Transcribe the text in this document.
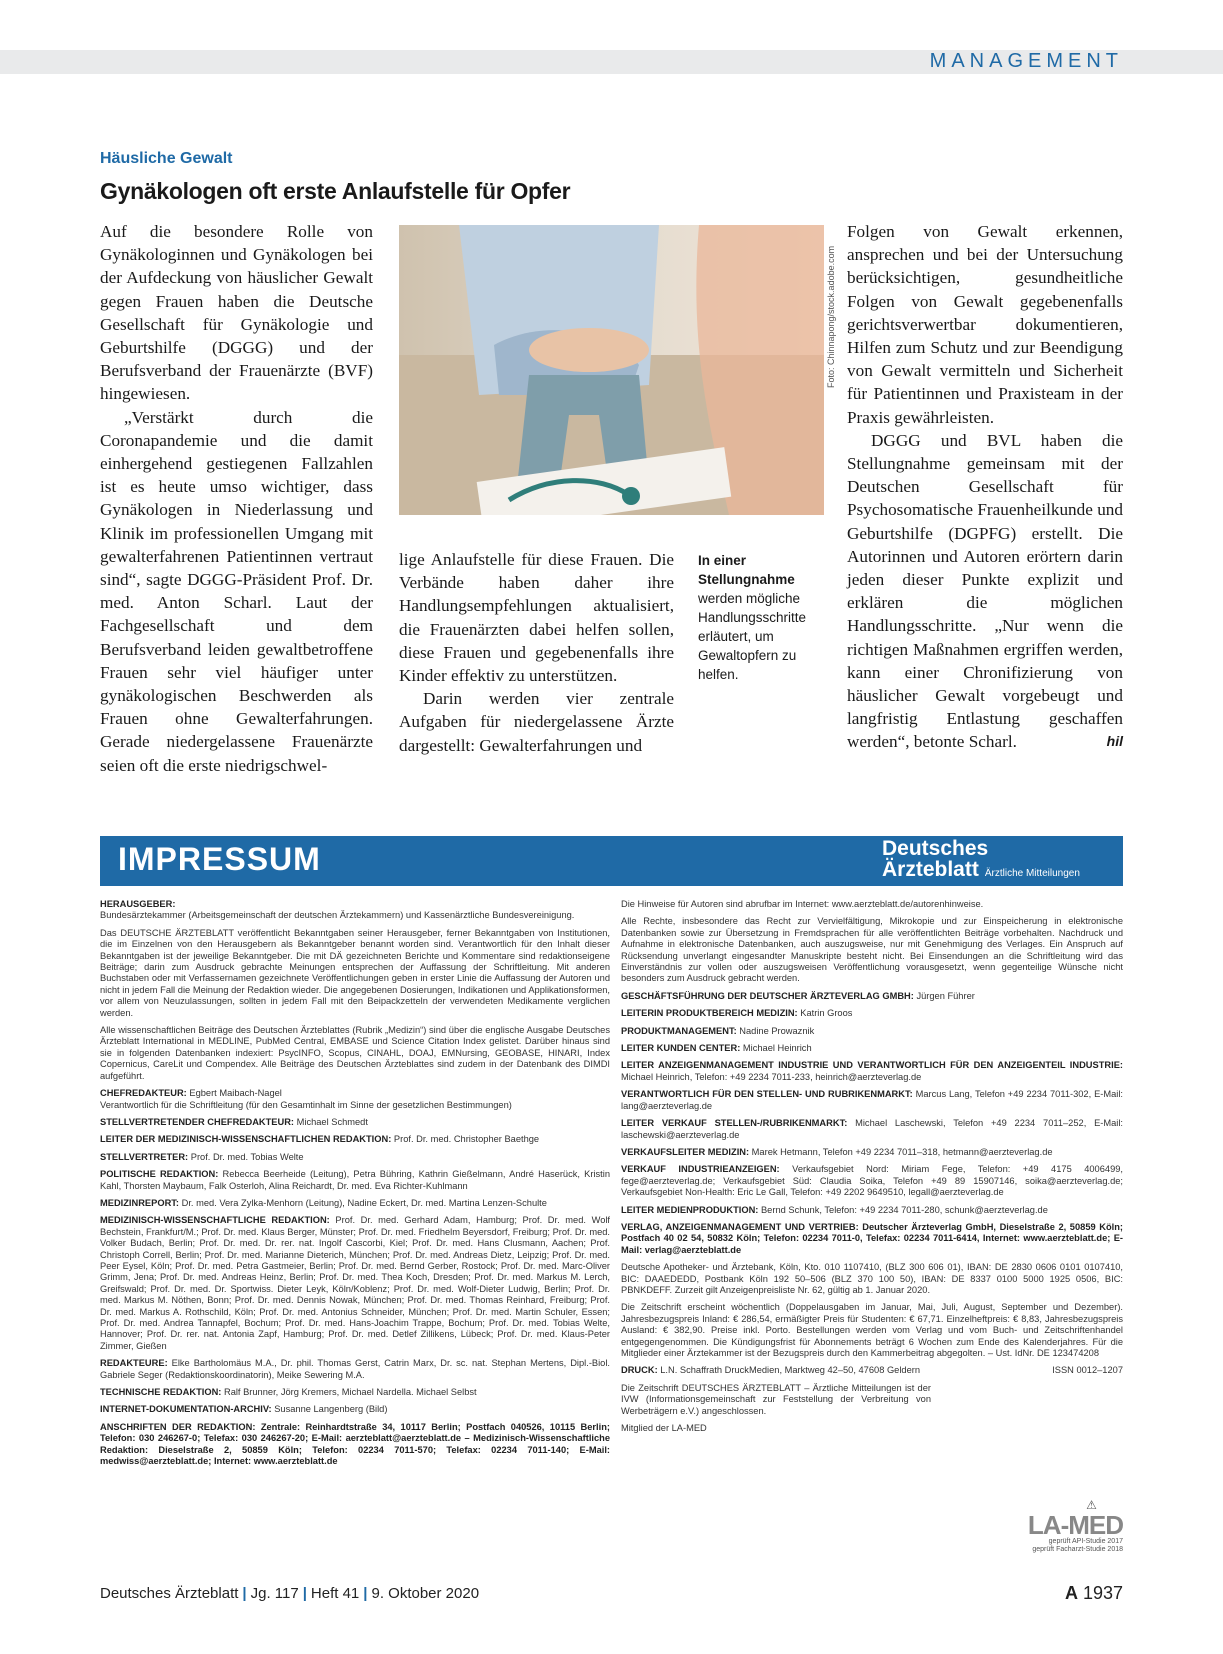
MANAGEMENT
Häusliche Gewalt
Gynäkologen oft erste Anlaufstelle für Opfer

Auf die besondere Rolle von Gynäkologinnen und Gynäkologen bei der Aufdeckung von häuslicher Gewalt gegen Frauen haben die Deutsche Gesellschaft für Gynäkologie und Geburtshilfe (DGGG) und der Berufsverband der Frauenärzte (BVF) hingewiesen.

„Verstärkt durch die Coronapandemie und die damit einhergehend gestiegenen Fallzahlen ist es heute umso wichtiger, dass Gynäkologen in Niederlassung und Klinik im professionellen Umgang mit gewalterfahrenen Patientinnen vertraut sind“, sagte DGGG-Präsident Prof. Dr. med. Anton Scharl. Laut der Fachgesellschaft und dem Berufsverband leiden gewaltbetroffene Frauen sehr viel häufiger unter gynäkologischen Beschwerden als Frauen ohne Gewalterfahrungen. Gerade niedergelassene Frauenärzte seien oft die erste niedrigschwel-

Foto: Chinnapong/stock.adobe.com

lige Anlaufstelle für diese Frauen. Die Verbände haben daher ihre Handlungsempfehlungen aktualisiert, die Frauenärzten dabei helfen sollen, diese Frauen und gegebenenfalls ihre Kinder effektiv zu unterstützen.

Darin werden vier zentrale Aufgaben für niedergelassene Ärzte dargestellt: Gewalterfahrungen und

In einer Stellungnahme werden mögliche Handlungsschritte erläutert, um Gewaltopfern zu helfen.

Folgen von Gewalt erkennen, ansprechen und bei der Untersuchung berücksichtigen, gesundheitliche Folgen von Gewalt gegebenenfalls gerichtsverwertbar dokumentieren, Hilfen zum Schutz und zur Beendigung von Gewalt vermitteln und Sicherheit für Patientinnen und Praxisteam in der Praxis gewährleisten.

DGGG und BVL haben die Stellungnahme gemeinsam mit der Deutschen Gesellschaft für Psychosomatische Frauenheilkunde und Geburtshilfe (DGPFG) erstellt. Die Autorinnen und Autoren erörtern darin jeden dieser Punkte explizit und erklären die möglichen Handlungsschritte. „Nur wenn die richtigen Maßnahmen ergriffen werden, kann einer Chronifizierung von häuslicher Gewalt vorgebeugt und langfristig Entlastung geschaffen werden“, betonte Scharl.	hil

IMPRESSUM	Deutsches
Ärzteblatt Ärztliche Mitteilungen

HERAUSGEBER:
Bundesärztekammer (Arbeitsgemeinschaft der deutschen Ärztekammern) und Kassenärztliche Bundesvereinigung.

Das DEUTSCHE ÄRZTEBLATT veröffentlicht Bekanntgaben seiner Herausgeber, ferner Bekanntgaben von Institutionen, die im Einzelnen von den Herausgebern als Bekanntgeber benannt worden sind. Verantwortlich für den Inhalt dieser Bekanntgaben ist der jeweilige Bekanntgeber. Die mit DÄ gezeichneten Berichte und Kommentare sind redaktionseigene Beiträge; darin zum Ausdruck gebrachte Meinungen entsprechen der Auffassung der Schriftleitung. Mit anderen Buchstaben oder mit Verfassernamen gezeichnete Veröffentlichungen geben in erster Linie die Auffassung der Autoren und nicht in jedem Fall die Meinung der Redaktion wieder. Die angegebenen Dosierungen, Indikationen und Applikationsformen, vor allem von Neuzulassungen, sollten in jedem Fall mit den Beipackzetteln der verwendeten Medikamente verglichen werden.

Alle wissenschaftlichen Beiträge des Deutschen Ärzteblattes (Rubrik „Medizin“) sind über die englische Ausgabe Deutsches Ärzteblatt International in MEDLINE, PubMed Central, EMBASE und Science Citation Index gelistet. Darüber hinaus sind sie in folgenden Datenbanken indexiert: PsycINFO, Scopus, CINAHL, DOAJ, EMNursing, GEOBASE, HINARI, Index Copernicus, CareLit und Compendex. Alle Beiträge des Deutschen Ärzteblattes sind zudem in der Datenbank des DIMDI aufgeführt.

CHEFREDAKTEUR: Egbert Maibach-Nagel
Verantwortlich für die Schriftleitung (für den Gesamtinhalt im Sinne der gesetzlichen Bestimmungen)

STELLVERTRETENDER CHEFREDAKTEUR: Michael Schmedt

LEITER DER MEDIZINISCH-WISSENSCHAFTLICHEN REDAKTION: Prof. Dr. med. Christopher Baethge

STELLVERTRETER: Prof. Dr. med. Tobias Welte

POLITISCHE REDAKTION: Rebecca Beerheide (Leitung), Petra Bühring, Kathrin Gießelmann, André Haserück, Kristin Kahl, Thorsten Maybaum, Falk Osterloh, Alina Reichardt, Dr. med. Eva Richter-Kuhlmann

MEDIZINREPORT: Dr. med. Vera Zylka-Menhorn (Leitung), Nadine Eckert, Dr. med. Martina Lenzen-Schulte

MEDIZINISCH-WISSENSCHAFTLICHE REDAKTION: Prof. Dr. med. Gerhard Adam, Hamburg; Prof. Dr. med. Wolf Bechstein, Frankfurt/M.; Prof. Dr. med. Klaus Berger, Münster; Prof. Dr. med. Friedhelm Beyersdorf, Freiburg; Prof. Dr. med. Volker Budach, Berlin; Prof. Dr. med. Dr. rer. nat. Ingolf Cascorbi, Kiel; Prof. Dr. med. Hans Clusmann, Aachen; Prof. Christoph Correll, Berlin; Prof. Dr. med. Marianne Dieterich, München; Prof. Dr. med. Andreas Dietz, Leipzig; Prof. Dr. med. Peer Eysel, Köln; Prof. Dr. med. Petra Gastmeier, Berlin; Prof. Dr. med. Bernd Gerber, Rostock; Prof. Dr. med. Marc-Oliver Grimm, Jena; Prof. Dr. med. Andreas Heinz, Berlin; Prof. Dr. med. Thea Koch, Dresden; Prof. Dr. med. Markus M. Lerch, Greifswald; Prof. Dr. med. Dr. Sportwiss. Dieter Leyk, Köln/Koblenz; Prof. Dr. med. Wolf-Dieter Ludwig, Berlin; Prof. Dr. med. Markus M. Nöthen, Bonn; Prof. Dr. med. Dennis Nowak, München; Prof. Dr. med. Thomas Reinhard, Freiburg; Prof. Dr. med. Markus A. Rothschild, Köln; Prof. Dr. med. Antonius Schneider, München; Prof. Dr. med. Martin Schuler, Essen; Prof. Dr. med. Andrea Tannapfel, Bochum; Prof. Dr. med. Hans-Joachim Trappe, Bochum; Prof. Dr. med. Tobias Welte, Hannover; Prof. Dr. rer. nat. Antonia Zapf, Hamburg; Prof. Dr. med. Detlef Zillikens, Lübeck; Prof. Dr. med. Klaus-Peter Zimmer, Gießen

REDAKTEURE: Elke Bartholomäus M.A., Dr. phil. Thomas Gerst, Catrin Marx, Dr. sc. nat. Stephan Mertens, Dipl.-Biol. Gabriele Seger (Redaktionskoordinatorin), Meike Sewering M.A.

TECHNISCHE REDAKTION: Ralf Brunner, Jörg Kremers, Michael Nardella. Michael Selbst

INTERNET-DOKUMENTATION-ARCHIV: Susanne Langenberg (Bild)

ANSCHRIFTEN DER REDAKTION: Zentrale: Reinhardtstraße 34, 10117 Berlin; Postfach 040526, 10115 Berlin; Telefon: 030 246267-0; Telefax: 030 246267-20; E-Mail: aerzteblatt@aerzteblatt.de – Medizinisch-Wissenschaftliche Redaktion: Dieselstraße 2, 50859 Köln; Telefon: 02234 7011-570; Telefax: 02234 7011-140; E-Mail: medwiss@aerzteblatt.de; Internet: www.aerzteblatt.de

Die Hinweise für Autoren sind abrufbar im Internet: www.aerzteblatt.de/autorenhinweise.

Alle Rechte, insbesondere das Recht zur Vervielfältigung, Mikrokopie und zur Einspeicherung in elektronische Datenbanken sowie zur Übersetzung in Fremdsprachen für alle veröffentlichten Beiträge vorbehalten. Nachdruck und Aufnahme in elektronische Datenbanken, auch auszugsweise, nur mit Genehmigung des Verlages. Ein Anspruch auf Rücksendung unverlangt eingesandter Manuskripte besteht nicht. Bei Einsendungen an die Schriftleitung wird das Einverständnis zur vollen oder auszugsweisen Veröffentlichung vorausgesetzt, wenn gegenteilige Wünsche nicht besonders zum Ausdruck gebracht werden.

GESCHÄFTSFÜHRUNG DER DEUTSCHER ÄRZTEVERLAG GMBH: Jürgen Führer

LEITERIN PRODUKTBEREICH MEDIZIN: Katrin Groos

PRODUKTMANAGEMENT: Nadine Prowaznik

LEITER KUNDEN CENTER: Michael Heinrich

LEITER ANZEIGENMANAGEMENT INDUSTRIE UND VERANTWORTLICH FÜR DEN ANZEIGENTEIL INDUSTRIE: Michael Heinrich, Telefon: +49 2234 7011-233, heinrich@aerzteverlag.de

VERANTWORTLICH FÜR DEN STELLEN- UND RUBRIKENMARKT: Marcus Lang, Telefon +49 2234 7011-302, E-Mail: lang@aerzteverlag.de

LEITER VERKAUF STELLEN-/RUBRIKENMARKT: Michael Laschewski, Telefon +49 2234 7011–252, E-Mail: laschewski@aerzteverlag.de

VERKAUFSLEITER MEDIZIN: Marek Hetmann, Telefon +49 2234 7011–318, hetmann@aerzteverlag.de

VERKAUF INDUSTRIEANZEIGEN: Verkaufsgebiet Nord: Miriam Fege, Telefon: +49 4175 4006499, fege@aerzteverlag.de; Verkaufsgebiet Süd: Claudia Soika, Telefon +49 89 15907146, soika@aerzteverlag.de; Verkaufsgebiet Non-Health: Eric Le Gall, Telefon: +49 2202 9649510, legall@aerzteverlag.de

LEITER MEDIENPRODUKTION: Bernd Schunk, Telefon: +49 2234 7011-280, schunk@aerzteverlag.de

VERLAG, ANZEIGENMANAGEMENT UND VERTRIEB: Deutscher Ärzteverlag GmbH, Dieselstraße 2, 50859 Köln; Postfach 40 02 54, 50832 Köln; Telefon: 02234 7011-0, Telefax: 02234 7011-6414, Internet: www.aerzteblatt.de; E-Mail: verlag@aerzteblatt.de

Deutsche Apotheker- und Ärztebank, Köln, Kto. 010 1107410, (BLZ 300 606 01), IBAN: DE 2830 0606 0101 0107410, BIC: DAAEDEDD, Postbank Köln 192 50–506 (BLZ 370 100 50), IBAN: DE 8337 0100 5000 1925 0506, BIC: PBNKDEFF. Zurzeit gilt Anzeigenpreisliste Nr. 62, gültig ab 1. Januar 2020.

Die Zeitschrift erscheint wöchentlich (Doppelausgaben im Januar, Mai, Juli, August, September und Dezember). Jahresbezugspreis Inland: € 286,54, ermäßigter Preis für Studenten: € 67,71. Einzelheftpreis: € 8,83, Jahresbezugspreis Ausland: € 382,90. Preise inkl. Porto. Bestellungen werden vom Verlag und vom Buch- und Zeitschriftenhandel entgegengenommen. Die Kündigungsfrist für Abonnements beträgt 6 Wochen zum Ende des Kalenderjahres. Für die Mitglieder einer Ärztekammer ist der Bezugspreis durch den Kammerbeitrag abgegolten. – Ust. IdNr. DE 123474208

DRUCK: L.N. Schaffrath DruckMedien, Marktweg 42–50, 47608 Geldern	ISSN 0012–1207

Die Zeitschrift DEUTSCHES ÄRZTEBLATT – Ärztliche Mitteilungen ist der IVW (Informationsgemeinschaft zur Feststellung der Verbreitung von Werbeträgern e.V.) angeschlossen.

Mitglied der LA-MED

⚠
LA-MED
geprüft API-Studie 2017
geprüft Facharzt-Studie 2018
Deutsches Ärzteblatt | Jg. 117 | Heft 41 | 9. Oktober 2020	A 1937
